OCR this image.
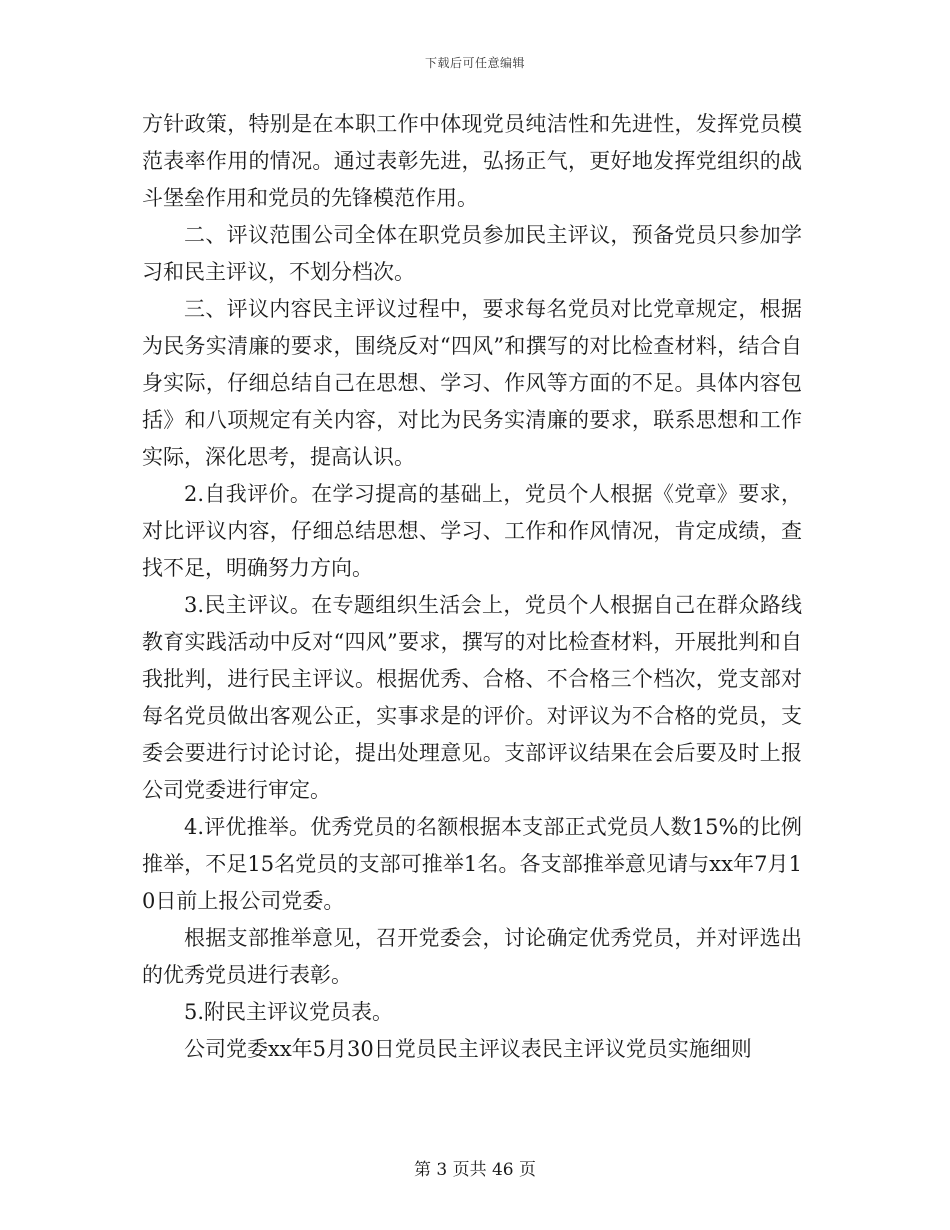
下载后可任意编辑

方针政策，特别是在本职工作中体现党员纯洁性和先进性，发挥党员模范表率作用的情况。通过表彰先进，弘扬正气，更好地发挥党组织的战斗堡垒作用和党员的先锋模范作用。

二、评议范围公司全体在职党员参加民主评议，预备党员只参加学习和民主评议，不划分档次。

三、评议内容民主评议过程中，要求每名党员对比党章规定，根据为民务实清廉的要求，围绕反对“四风”和撰写的对比检查材料，结合自身实际，仔细总结自己在思想、学习、作风等方面的不足。具体内容包括》和八项规定有关内容，对比为民务实清廉的要求，联系思想和工作实际，深化思考，提高认识。

2.自我评价。在学习提高的基础上，党员个人根据《党章》要求，对比评议内容，仔细总结思想、学习、工作和作风情况，肯定成绩，查找不足，明确努力方向。

3.民主评议。在专题组织生活会上，党员个人根据自己在群众路线教育实践活动中反对“四风”要求，撰写的对比检查材料，开展批判和自我批判，进行民主评议。根据优秀、合格、不合格三个档次，党支部对每名党员做出客观公正，实事求是的评价。对评议为不合格的党员，支委会要进行讨论讨论，提出处理意见。支部评议结果在会后要及时上报公司党委进行审定。

4.评优推举。优秀党员的名额根据本支部正式党员人数15%的比例推举，不足15名党员的支部可推举1名。各支部推举意见请与xx年7月10日前上报公司党委。

根据支部推举意见，召开党委会，讨论确定优秀党员，并对评选出的优秀党员进行表彰。

5.附民主评议党员表。

公司党委xx年5月30日党员民主评议表民主评议党员实施细则

第 3 页共 46 页
